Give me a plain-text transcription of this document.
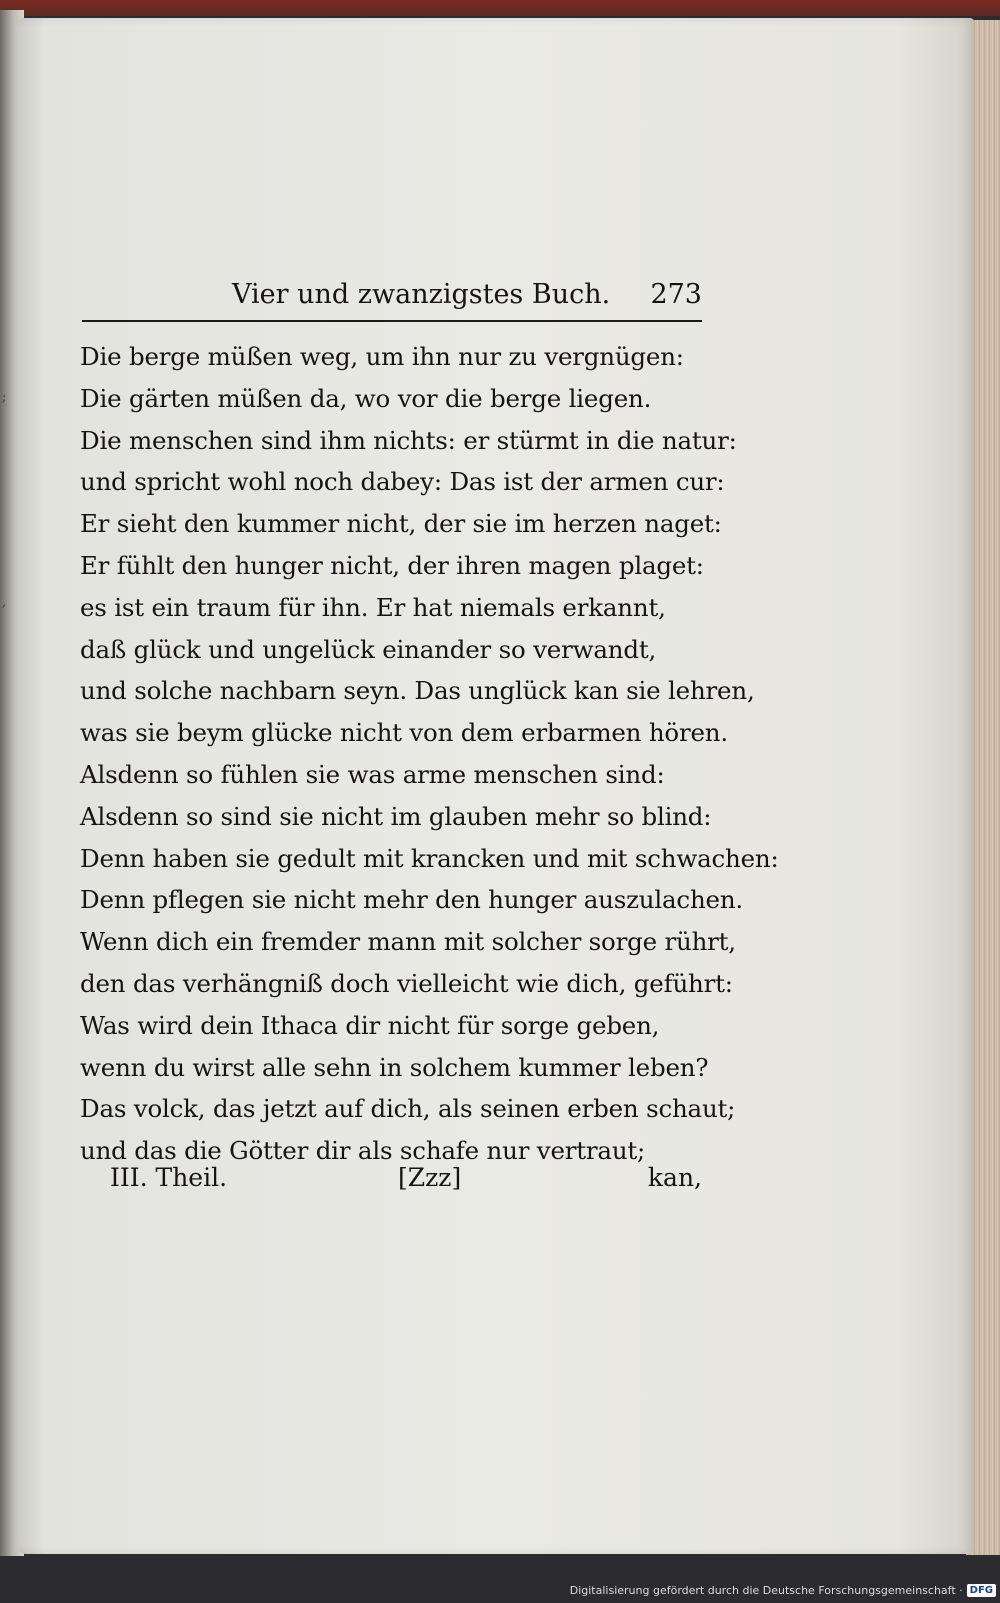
;
,
Vier und zwanzigstes Buch. 273
Die berge müßen weg, um ihn nur zu vergnügen:
Die gärten müßen da, wo vor die berge liegen.
Die menschen sind ihm nichts: er stürmt in die natur:
und spricht wohl noch dabey: Das ist der armen cur:
Er sieht den kummer nicht, der sie im herzen naget:
Er fühlt den hunger nicht, der ihren magen plaget:
es ist ein traum für ihn. Er hat niemals erkannt,
daß glück und ungelück einander so verwandt,
und solche nachbarn seyn. Das unglück kan sie lehren,
was sie beym glücke nicht von dem erbarmen hören.
Alsdenn so fühlen sie was arme menschen sind:
Alsdenn so sind sie nicht im glauben mehr so blind:
Denn haben sie gedult mit krancken und mit schwachen:
Denn pflegen sie nicht mehr den hunger auszulachen.
Wenn dich ein fremder mann mit solcher sorge rührt,
den das verhängniß doch vielleicht wie dich, geführt:
Was wird dein Ithaca dir nicht für sorge geben,
wenn du wirst alle sehn in solchem kummer leben?
Das volck, das jetzt auf dich, als seinen erben schaut;
und das die Götter dir als schafe nur vertraut;
III. Theil.	[Zzz]	kan,
Digitalisierung gefördert durch die Deutsche Forschungsgemeinschaft · DFG
